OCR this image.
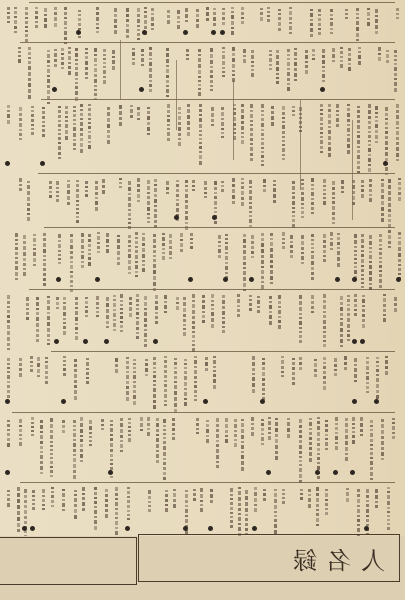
人名録
